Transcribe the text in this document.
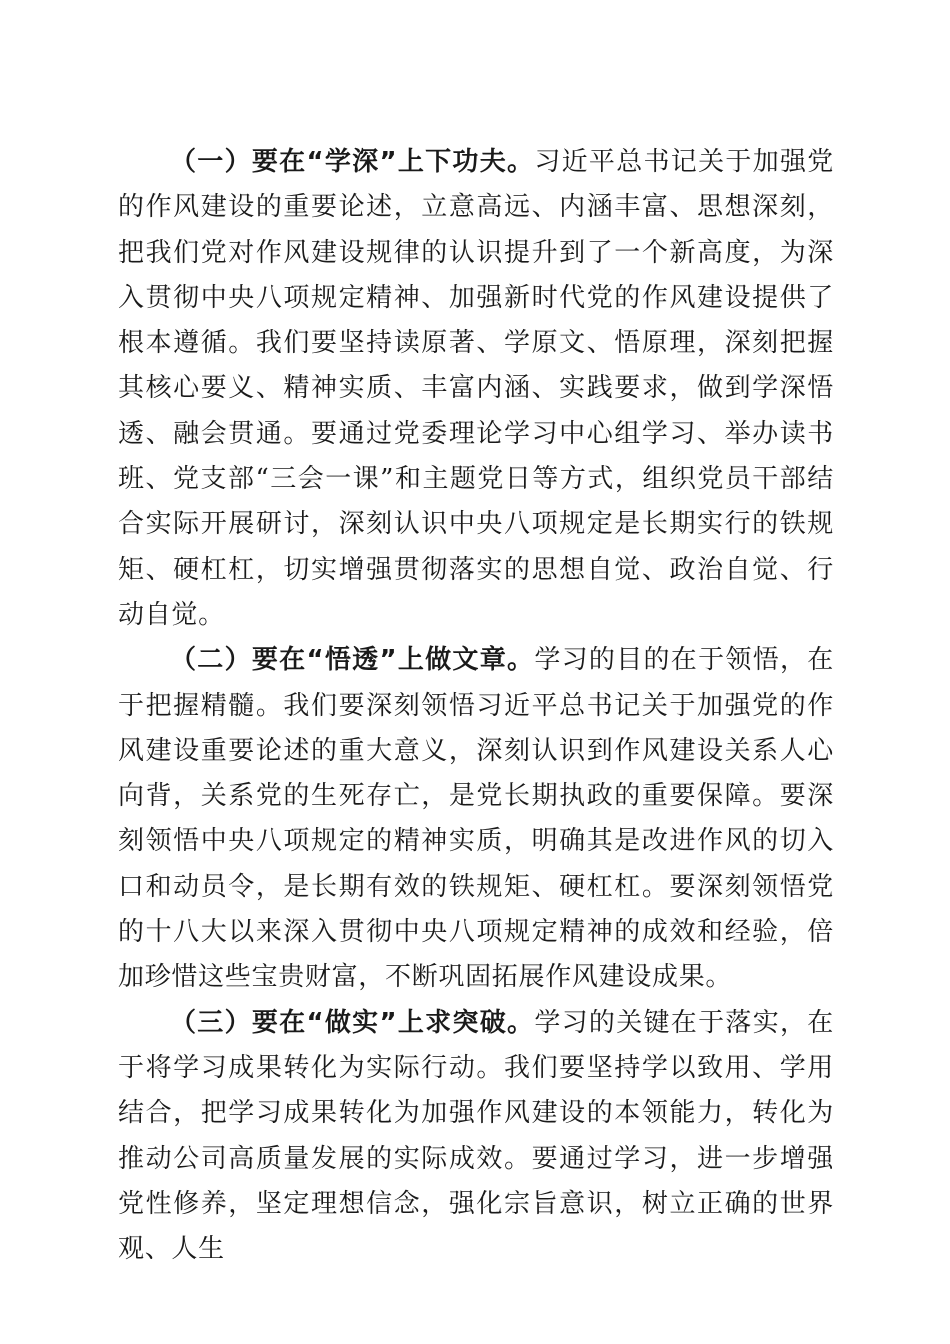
（一）要在“学深”上下功夫。习近平总书记关于加强党的作风建设的重要论述，立意高远、内涵丰富、思想深刻，把我们党对作风建设规律的认识提升到了一个新高度，为深入贯彻中央八项规定精神、加强新时代党的作风建设提供了根本遵循。我们要坚持读原著、学原文、悟原理，深刻把握其核心要义、精神实质、丰富内涵、实践要求，做到学深悟透、融会贯通。要通过党委理论学习中心组学习、举办读书班、党支部“三会一课”和主题党日等方式，组织党员干部结合实际开展研讨，深刻认识中央八项规定是长期实行的铁规矩、硬杠杠，切实增强贯彻落实的思想自觉、政治自觉、行动自觉。

（二）要在“悟透”上做文章。学习的目的在于领悟，在于把握精髓。我们要深刻领悟习近平总书记关于加强党的作风建设重要论述的重大意义，深刻认识到作风建设关系人心向背，关系党的生死存亡，是党长期执政的重要保障。要深刻领悟中央八项规定的精神实质，明确其是改进作风的切入口和动员令，是长期有效的铁规矩、硬杠杠。要深刻领悟党的十八大以来深入贯彻中央八项规定精神的成效和经验，倍加珍惜这些宝贵财富，不断巩固拓展作风建设成果。

（三）要在“做实”上求突破。学习的关键在于落实，在于将学习成果转化为实际行动。我们要坚持学以致用、学用结合，把学习成果转化为加强作风建设的本领能力，转化为推动公司高质量发展的实际成效。要通过学习，进一步增强党性修养，坚定理想信念，强化宗旨意识，树立正确的世界观、人生
